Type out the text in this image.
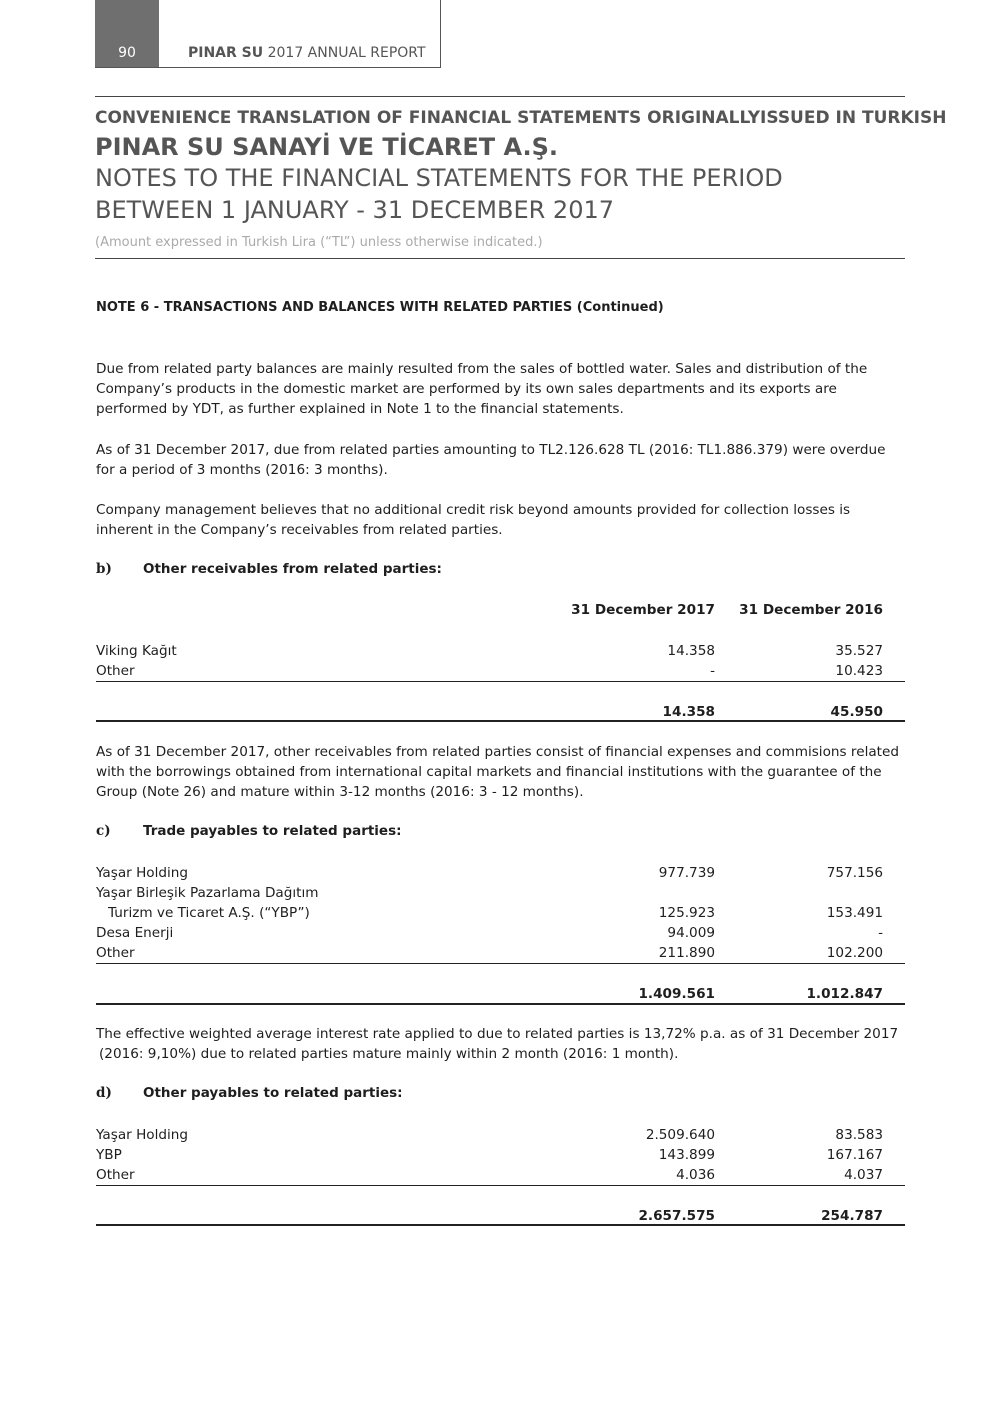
90	PINAR SU 2017 ANNUAL REPORT
CONVENIENCE TRANSLATION OF FINANCIAL STATEMENTS ORIGINALLYISSUED IN TURKISH
PINAR SU SANAYİ VE TİCARET A.Ş.
NOTES TO THE FINANCIAL STATEMENTS FOR THE PERIOD
BETWEEN 1 JANUARY - 31 DECEMBER 2017
(Amount expressed in Turkish Lira (“TL”) unless otherwise indicated.)
NOTE 6 - TRANSACTIONS AND BALANCES WITH RELATED PARTIES (Continued)
Due from related party balances are mainly resulted from the sales of bottled water. Sales and distribution of the Company’s products in the domestic market are performed by its own sales departments and its exports are performed by YDT, as further explained in Note 1 to the financial statements.
As of 31 December 2017, due from related parties amounting to TL2.126.628 TL (2016: TL1.886.379) were overdue for a period of 3 months (2016: 3 months).
Company management believes that no additional credit risk beyond amounts provided for collection losses is inherent in the Company’s receivables from related parties.
b) Other receivables from related parties:
31 December 2017 31 December 2016
Viking Kağıt	14.358	35.527
Other	-	10.423
14.358	45.950
As of 31 December 2017, other receivables from related parties consist of financial expenses and commisions related with the borrowings obtained from international capital markets and financial institutions with the guarantee of the Group (Note 26) and mature within 3-12 months (2016: 3 - 12 months).
c) Trade payables to related parties:
Yaşar Holding	977.739	757.156
Yaşar Birleşik Pazarlama Dağıtım
Turizm ve Ticaret A.Ş. (“YBP”)	125.923	153.491
Desa Enerji	94.009	-
Other	211.890	102.200
1.409.561	1.012.847
The effective weighted average interest rate applied to due to related parties is 13,72% p.a. as of 31 December 2017
(2016: 9,10%) due to related parties mature mainly within 2 month (2016: 1 month).
d) Other payables to related parties:
Yaşar Holding	2.509.640	83.583
YBP	143.899	167.167
Other	4.036	4.037
2.657.575	254.787
